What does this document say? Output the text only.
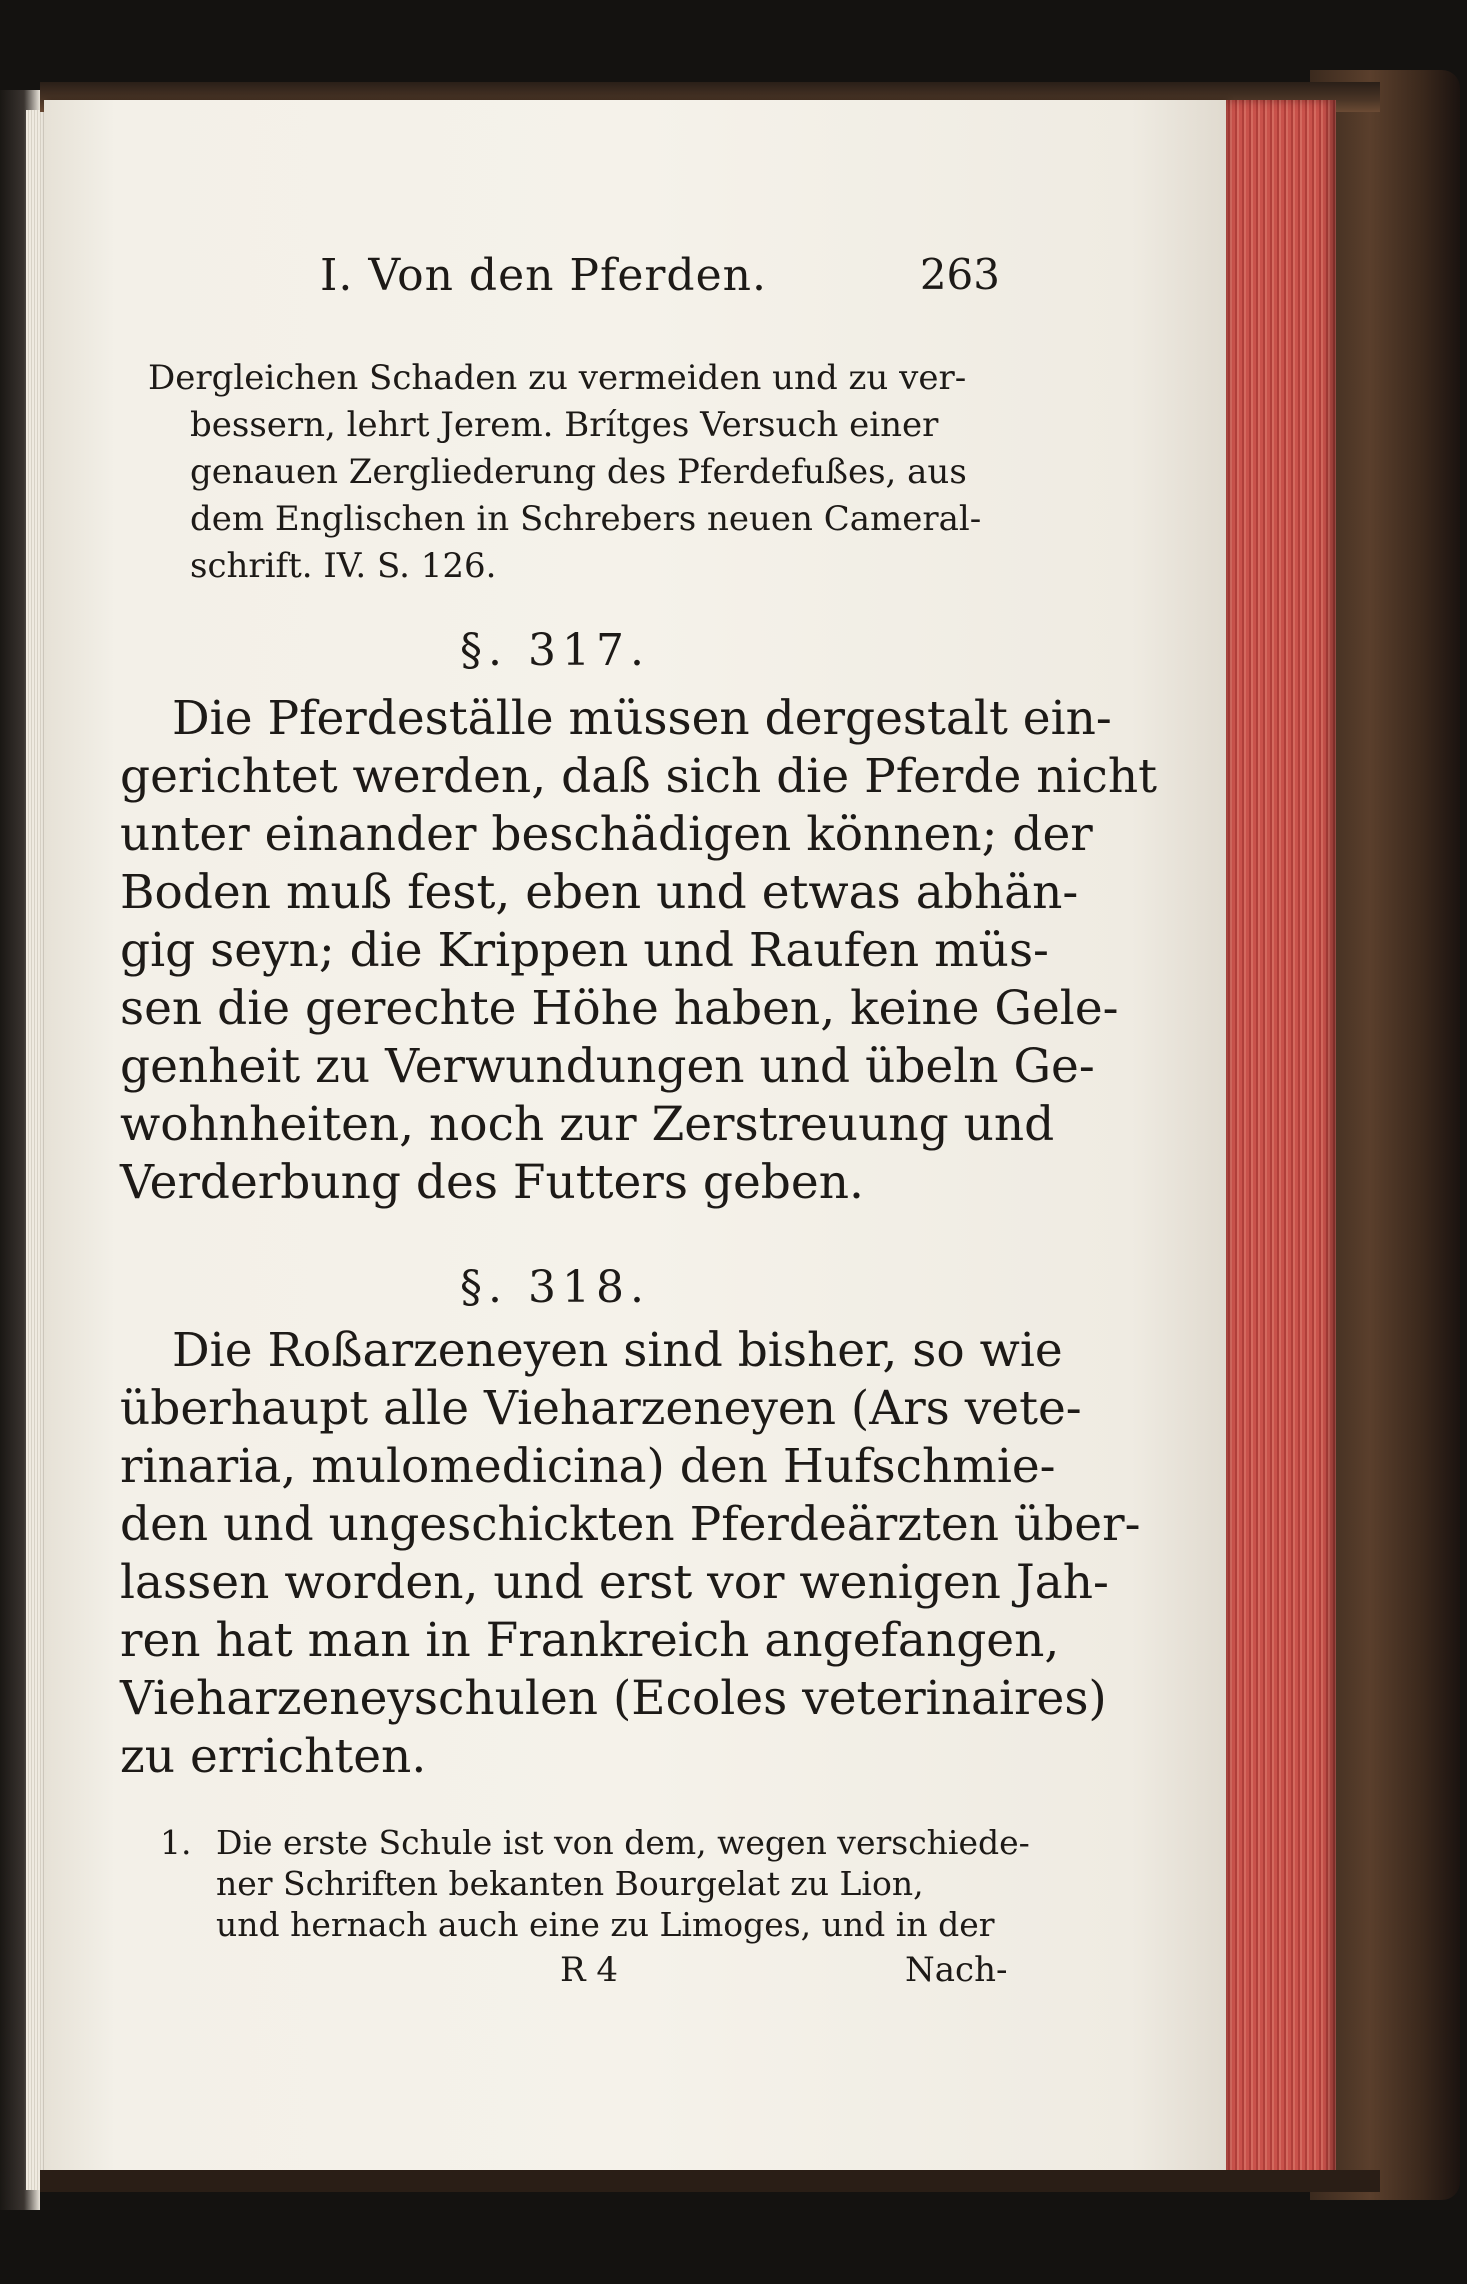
I. Von den Pferden.	263
Dergleichen Schaden zu vermeiden und zu ver-
bessern, lehrt Jerem. Brítges Versuch einer
genauen Zergliederung des Pferdefußes, aus
dem Englischen in Schrebers neuen Cameral-
schrift. IV. S. 126.
§. 317.
Die Pferdeställe müssen dergestalt ein-
gerichtet werden, daß sich die Pferde nicht
unter einander beschädigen können; der
Boden muß fest, eben und etwas abhän-
gig seyn; die Krippen und Raufen müs-
sen die gerechte Höhe haben, keine Gele-
genheit zu Verwundungen und übeln Ge-
wohnheiten, noch zur Zerstreuung und
Verderbung des Futters geben.
§. 318.
Die Roßarzeneyen sind bisher, so wie
überhaupt alle Vieharzeneyen (Ars vete-
rinaria, mulomedicina) den Hufschmie-
den und ungeschickten Pferdeärzten über-
lassen worden, und erst vor wenigen Jah-
ren hat man in Frankreich angefangen,
Vieharzeneyschulen (Ecoles veterinaires)
zu errichten.
1. Die erste Schule ist von dem, wegen verschiede-
ner Schriften bekanten Bourgelat zu Lion,
und hernach auch eine zu Limoges, und in der
R 4	Nach-
